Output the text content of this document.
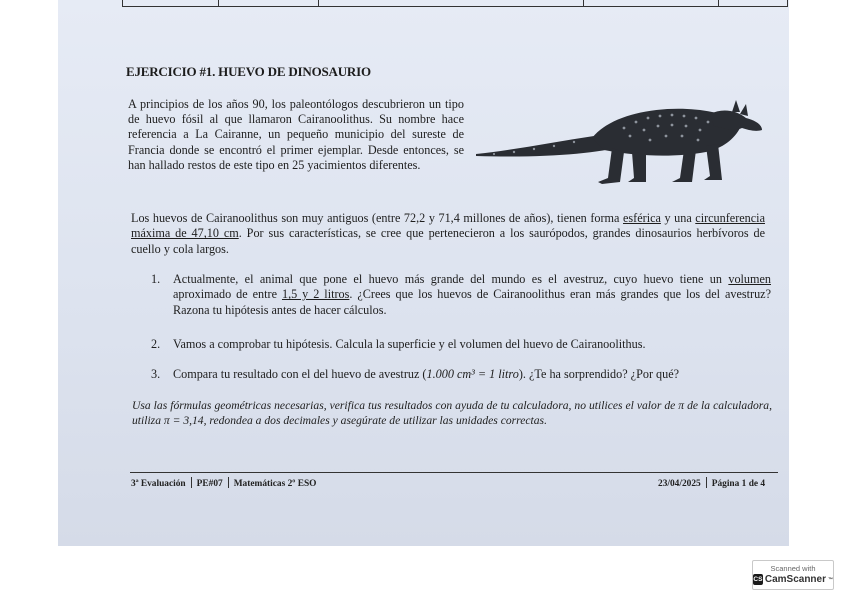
EJERCICIO #1. HUEVO DE DINOSAURIO
A principios de los años 90, los paleontólogos descubrieron un tipo de huevo fósil al que llamaron Cairanoolithus. Su nombre hace referencia a La Cairanne, un pequeño municipio del sureste de Francia donde se encontró el primer ejemplar. Desde entonces, se han hallado restos de este tipo en 25 yacimientos diferentes.
Los huevos de Cairanoolithus son muy antiguos (entre 72,2 y 71,4 millones de años), tienen forma esférica y una circunferencia máxima de 47,10 cm. Por sus características, se cree que pertenecieron a los saurópodos, grandes dinosaurios herbívoros de cuello y cola largos.
1.	Actualmente, el animal que pone el huevo más grande del mundo es el avestruz, cuyo huevo tiene un volumen aproximado de entre 1,5 y 2 litros. ¿Crees que los huevos de Cairanoolithus eran más grandes que los del avestruz? Razona tu hipótesis antes de hacer cálculos.
2.	Vamos a comprobar tu hipótesis. Calcula la superficie y el volumen del huevo de Cairanoolithus.
3.	Compara tu resultado con el del huevo de avestruz (1.000 cm³ = 1 litro). ¿Te ha sorprendido? ¿Por qué?
Usa las fórmulas geométricas necesarias, verifica tus resultados con ayuda de tu calculadora, no utilices el valor de π de la calculadora, utiliza π = 3,14, redondea a dos decimales y asegúrate de utilizar las unidades correctas.
3ª Evaluación PE#07 Matemáticas 2º ESO	23/04/2025 Página 1 de 4
Scanned with
CS CamScanner ™
